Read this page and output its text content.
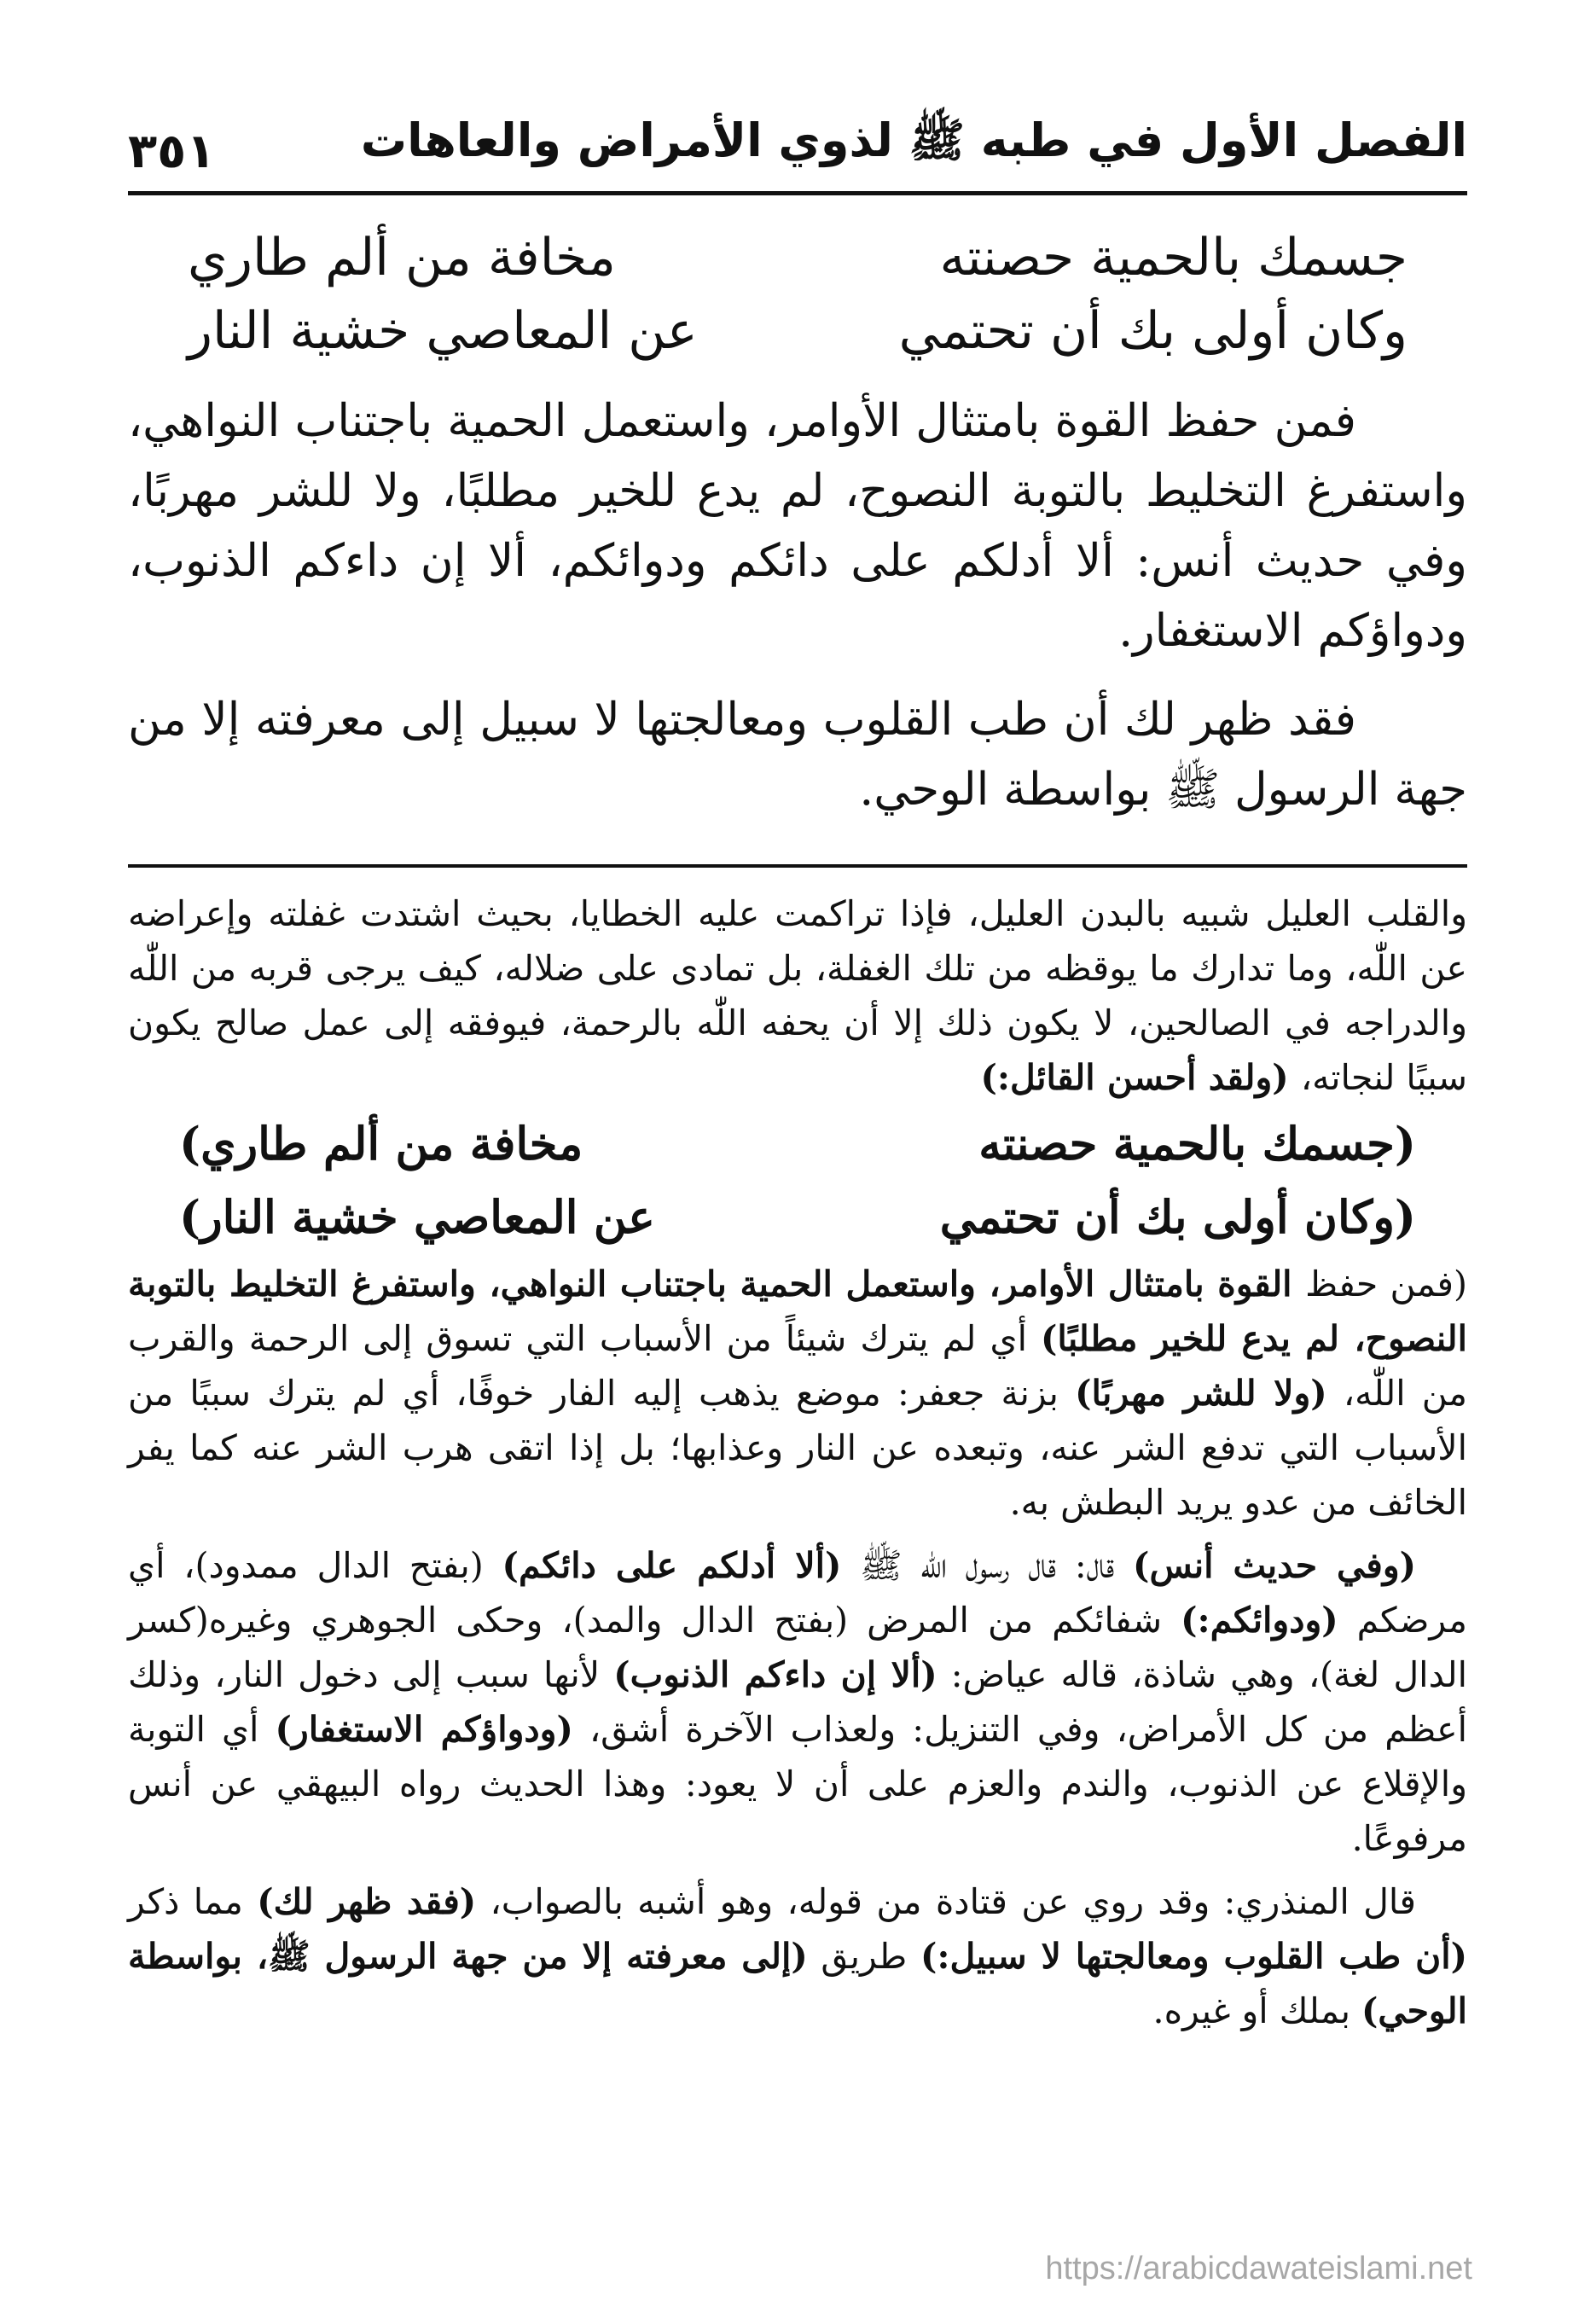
الفصل الأول في طبه ﷺ لذوي الأمراض والعاهات
٣٥١
جسمك بالحمية حصنته
مخافة من ألم طاري
وكان أولى بك أن تحتمي
عن المعاصي خشية النار

فمن حفظ القوة بامتثال الأوامر، واستعمل الحمية باجتناب النواهي، واستفرغ التخليط بالتوبة النصوح، لم يدع للخير مطلبًا، ولا للشر مهربًا، وفي حديث أنس: ألا أدلكم على دائكم ودوائكم، ألا إن داءكم الذنوب، ودواؤكم الاستغفار.

فقد ظهر لك أن طب القلوب ومعالجتها لا سبيل إلى معرفته إلا من جهة الرسول ﷺ بواسطة الوحي.

والقلب العليل شبيه بالبدن العليل، فإذا تراكمت عليه الخطايا، بحيث اشتدت غفلته وإعراضه عن اللّٰه، وما تدارك ما يوقظه من تلك الغفلة، بل تمادى على ضلاله، كيف يرجى قربه من اللّٰه والدراجه في الصالحين، لا يكون ذلك إلا أن يحفه اللّٰه بالرحمة، فيوفقه إلى عمل صالح يكون سببًا لنجاته، (ولقد أحسن القائل:)

(جسمك بالحمية حصنته
مخافة من ألم طاري)
(وكان أولى بك أن تحتمي
عن المعاصي خشية النار)

(فمن حفظ القوة بامتثال الأوامر، واستعمل الحمية باجتناب النواهي، واستفرغ التخليط بالتوبة النصوح، لم يدع للخير مطلبًا) أي لم يترك شيئاً من الأسباب التي تسوق إلى الرحمة والقرب من اللّٰه، (ولا للشر مهربًا) بزنة جعفر: موضع يذهب إليه الفار خوفًا، أي لم يترك سببًا من الأسباب التي تدفع الشر عنه، وتبعده عن النار وعذابها؛ بل إذا اتقى هرب الشر عنه كما يفر الخائف من عدو يريد البطش به.

(وفي حديث أنس) قال: قال رسول اللّٰه ﷺ (ألا أدلكم على دائكم) (بفتح الدال ممدود)، أي مرضكم (ودوائكم:) شفائكم من المرض (بفتح الدال والمد)، وحكى الجوهري وغيره(كسر الدال لغة)، وهي شاذة، قاله عياض: (ألا إن داءكم الذنوب) لأنها سبب إلى دخول النار، وذلك أعظم من كل الأمراض، وفي التنزيل: ولعذاب الآخرة أشق، (ودواؤكم الاستغفار) أي التوبة والإقلاع عن الذنوب، والندم والعزم على أن لا يعود: وهذا الحديث رواه البيهقي عن أنس مرفوعًا.

قال المنذري: وقد روي عن قتادة من قوله، وهو أشبه بالصواب، (فقد ظهر لك) مما ذكر (أن طب القلوب ومعالجتها لا سبيل:) طريق (إلى معرفته إلا من جهة الرسول ﷺ، بواسطة الوحي) بملك أو غيره.

https://arabicdawateislami.net
